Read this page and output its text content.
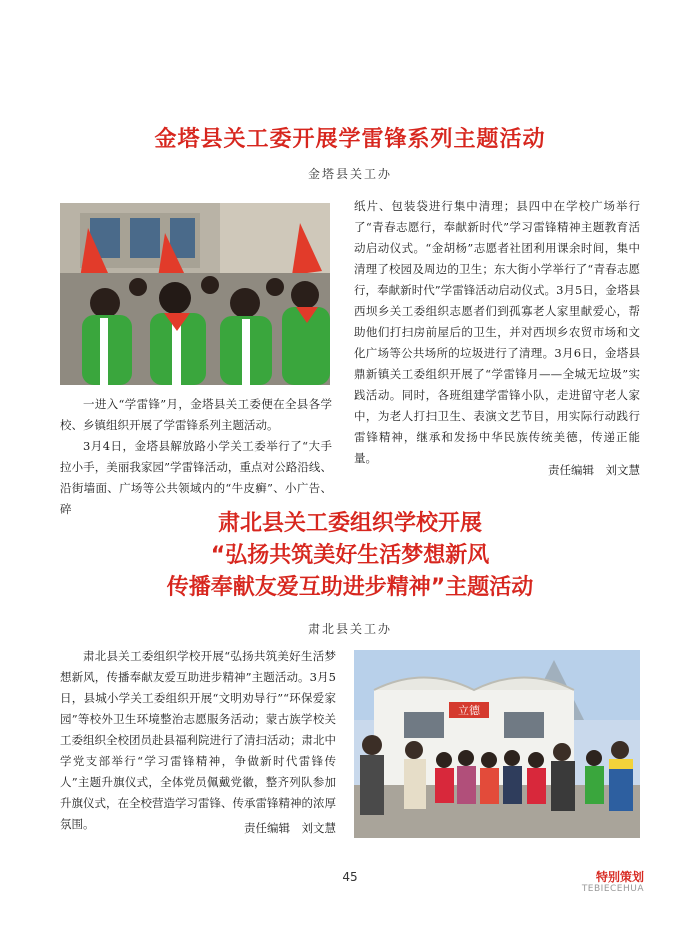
金塔县关工委开展学雷锋系列主题活动
金塔县关工办

一进入“学雷锋”月，金塔县关工委便在全县各学校、乡镇组织开展了学雷锋系列主题活动。

3月4日，金塔县解放路小学关工委举行了“大手拉小手，美丽我家园”学雷锋活动，重点对公路沿线、沿街墙面、广场等公共领域内的“牛皮癣”、小广告、碎

纸片、包装袋进行集中清理；县四中在学校广场举行了“青春志愿行，奉献新时代”学习雷锋精神主题教育活动启动仪式。“金胡杨”志愿者社团利用课余时间，集中清理了校园及周边的卫生；东大街小学举行了“青春志愿行，奉献新时代”学雷锋活动启动仪式。3月5日，金塔县西坝乡关工委组织志愿者们到孤寡老人家里献爱心，帮助他们打扫房前屋后的卫生，并对西坝乡农贸市场和文化广场等公共场所的垃圾进行了清理。3月6日，金塔县鼎新镇关工委组织开展了“学雷锋月——全城无垃圾”实践活动。同时，各班组建学雷锋小队，走进留守老人家中，为老人打扫卫生、表演文艺节目，用实际行动践行雷锋精神，继承和发扬中华民族传统美德，传递正能量。

责任编辑　刘文慧
肃北县关工委组织学校开展
“弘扬共筑美好生活梦想新风
传播奉献友爱互助进步精神”主题活动
肃北县关工办

肃北县关工委组织学校开展“弘扬共筑美好生活梦想新风，传播奉献友爱互助进步精神”主题活动。3月5日，县城小学关工委组织开展“文明劝导行”“环保爱家园”等校外卫生环境整治志愿服务活动；蒙古族学校关工委组织全校团员赴县福利院进行了清扫活动；肃北中学党支部举行“学习雷锋精神，争做新时代雷锋传人”主题升旗仪式，全体党员佩戴党徽，整齐列队参加升旗仪式，在全校营造学习雷锋、传承雷锋精神的浓厚氛围。	责任编辑　刘文慧
立德
45	特别策划
TEBIECEHUA
